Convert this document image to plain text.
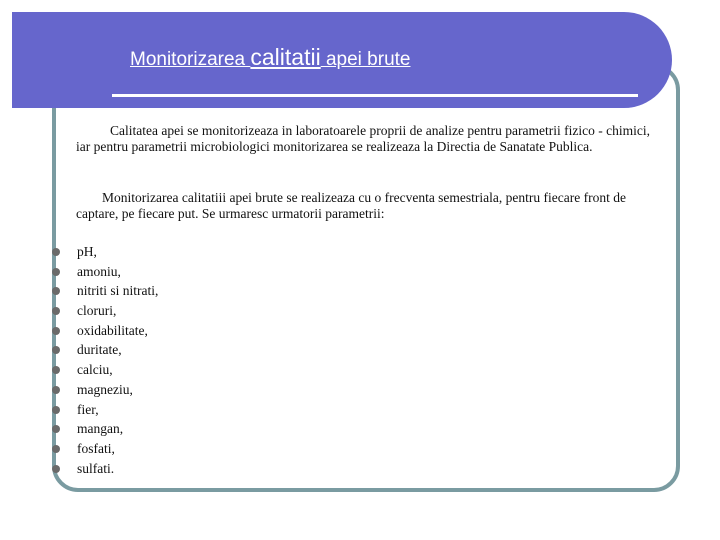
Monitorizarea calitatii apei brute
Calitatea apei se monitorizeaza in laboratoarele proprii de analize pentru parametrii fizico - chimici, iar pentru parametrii microbiologici monitorizarea se realizeaza la Directia de Sanatate Publica.
Monitorizarea calitatiii apei brute se realizeaza cu o frecventa semestriala, pentru fiecare front de captare, pe fiecare put. Se urmaresc urmatorii parametrii:
pH,
amoniu,
nitriti si nitrati,
cloruri,
oxidabilitate,
duritate,
calciu,
magneziu,
fier,
mangan,
fosfati,
sulfati.
